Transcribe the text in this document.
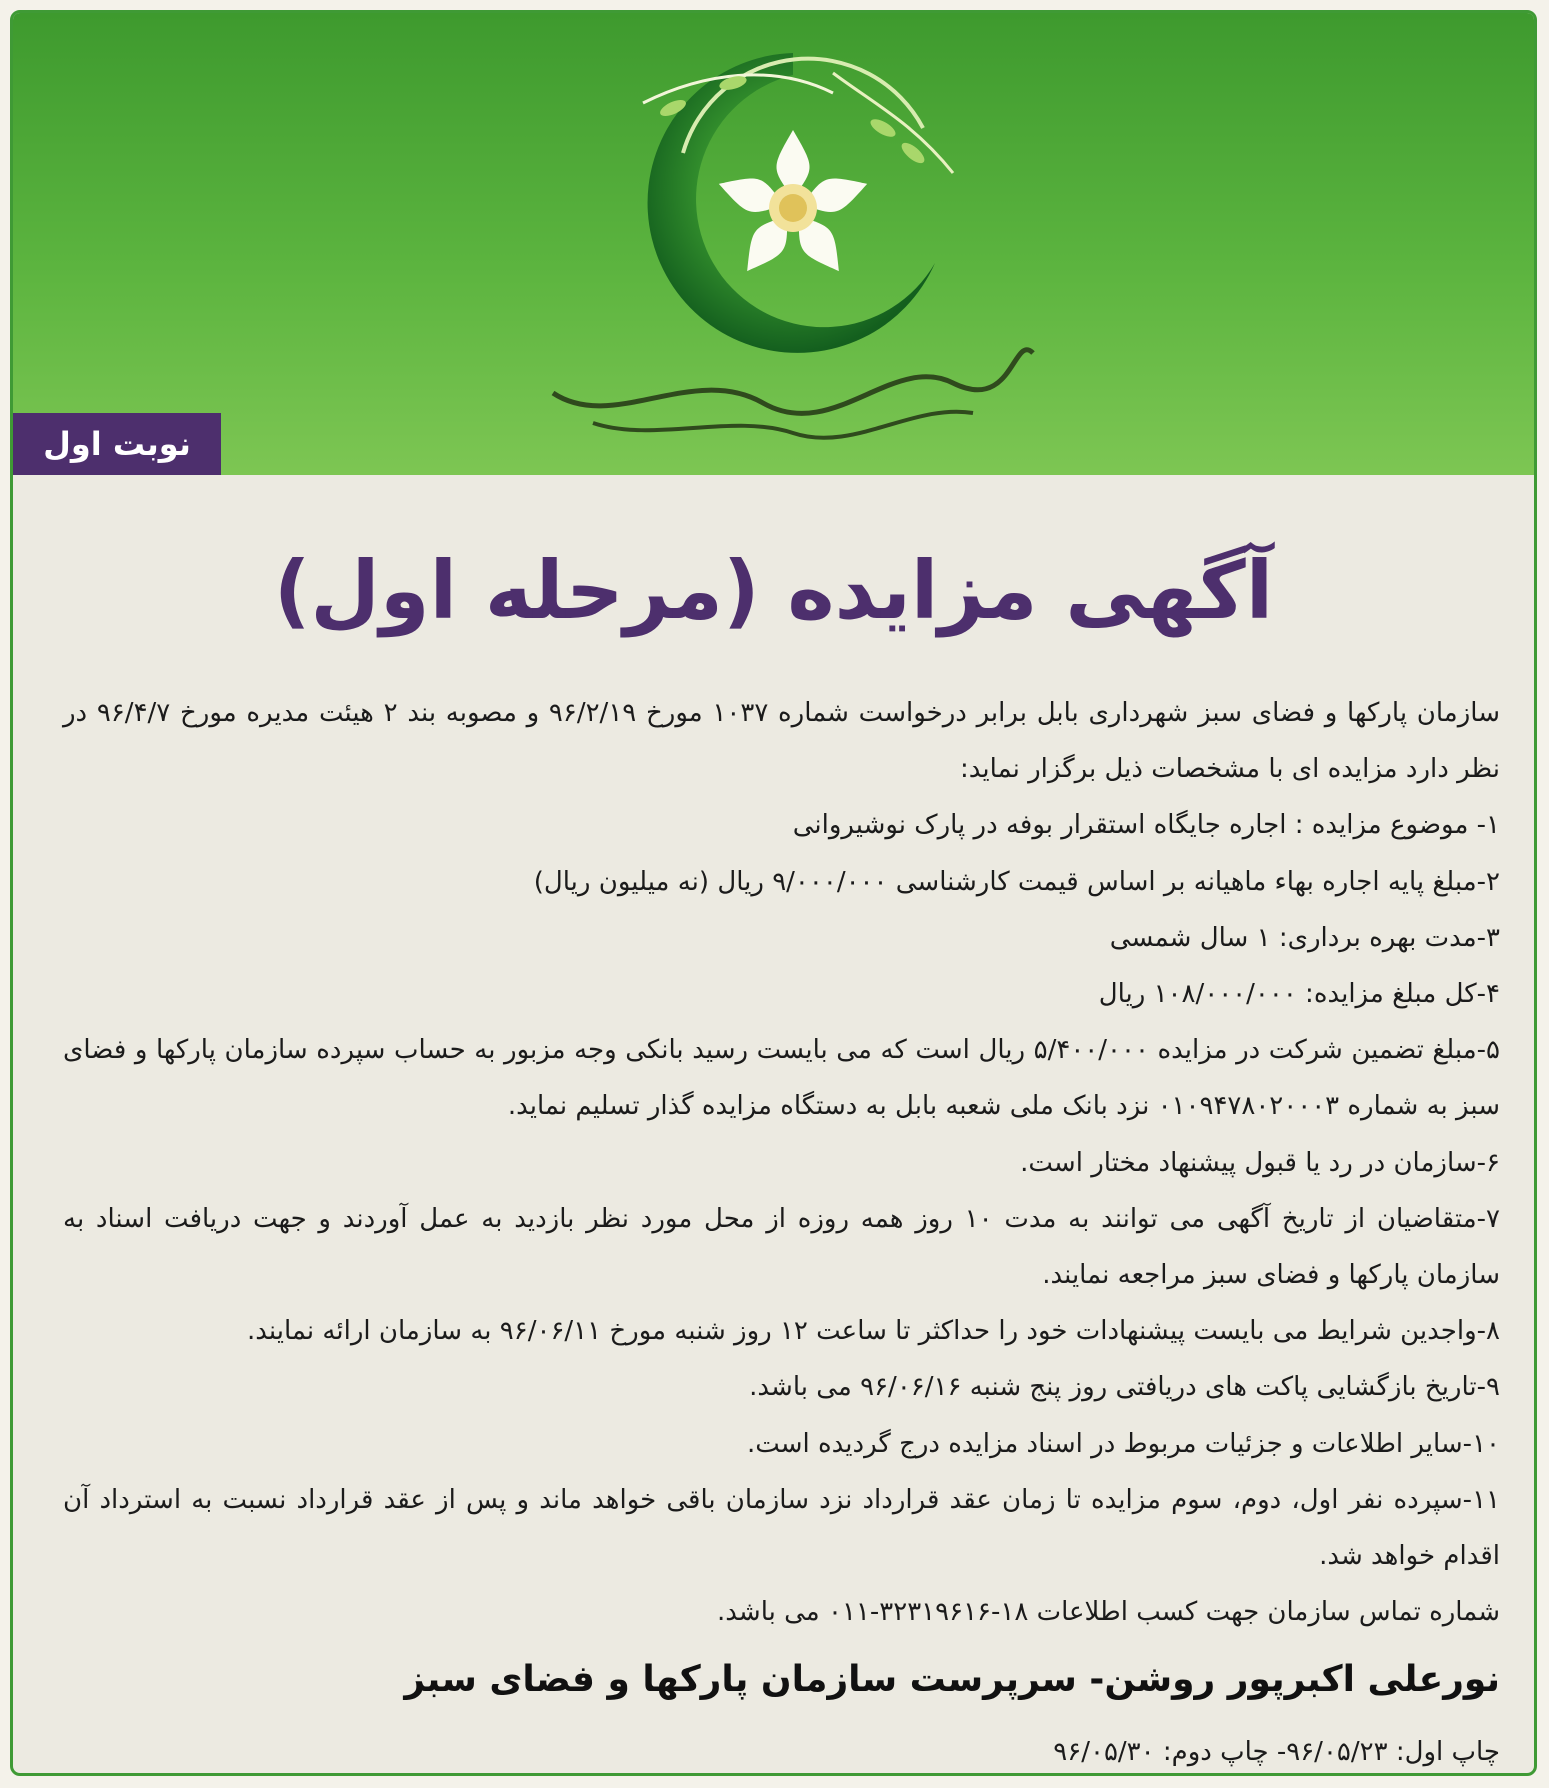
نوبت اول
آگهی مزایده (مرحله اول)

سازمان پارکها و فضای سبز شهرداری بابل برابر درخواست شماره ۱۰۳۷ مورخ ۹۶/۲/۱۹ و مصوبه بند ۲ هیئت مدیره مورخ ۹۶/۴/۷ در نظر دارد مزایده ای با مشخصات ذیل برگزار نماید:

۱- موضوع مزایده : اجاره جایگاه استقرار بوفه در پارک نوشیروانی

۲-مبلغ پایه اجاره بهاء ماهیانه بر اساس قیمت کارشناسی ۹/۰۰۰/۰۰۰ ریال (نه میلیون ریال)

۳-مدت بهره برداری: ۱ سال شمسی

۴-کل مبلغ مزایده: ۱۰۸/۰۰۰/۰۰۰ ریال

۵-مبلغ تضمین شرکت در مزایده ۵/۴۰۰/۰۰۰ ریال است که می بایست رسید بانکی وجه مزبور به حساب سپرده سازمان پارکها و فضای سبز به شماره ۰۱۰۹۴۷۸۰۲۰۰۰۳ نزد بانک ملی شعبه بابل به دستگاه مزایده گذار تسلیم نماید.

۶-سازمان در رد یا قبول پیشنهاد مختار است.

۷-متقاضیان از تاریخ آگهی می توانند به مدت ۱۰ روز همه روزه از محل مورد نظر بازدید به عمل آوردند و جهت دریافت اسناد به سازمان پارکها و فضای سبز مراجعه نمایند.

۸-واجدین شرایط می بایست پیشنهادات خود را حداکثر تا ساعت ۱۲ روز شنبه مورخ ۹۶/۰۶/۱۱ به سازمان ارائه نمایند.

۹-تاریخ بازگشایی پاکت های دریافتی روز پنج شنبه ۹۶/۰۶/۱۶ می باشد.

۱۰-سایر اطلاعات و جزئیات مربوط در اسناد مزایده درج گردیده است.

۱۱-سپرده نفر اول، دوم، سوم مزایده تا زمان عقد قرارداد نزد سازمان باقی خواهد ماند و پس از عقد قرارداد نسبت به استرداد آن اقدام خواهد شد.

شماره تماس سازمان جهت کسب اطلاعات ۱۸-۳۲۳۱۹۶۱۶-۰۱۱ می باشد.

نورعلی اکبرپور روشن- سرپرست سازمان پارکها و فضای سبز
چاپ اول: ۹۶/۰۵/۲۳- چاپ دوم: ۹۶/۰۵/۳۰
